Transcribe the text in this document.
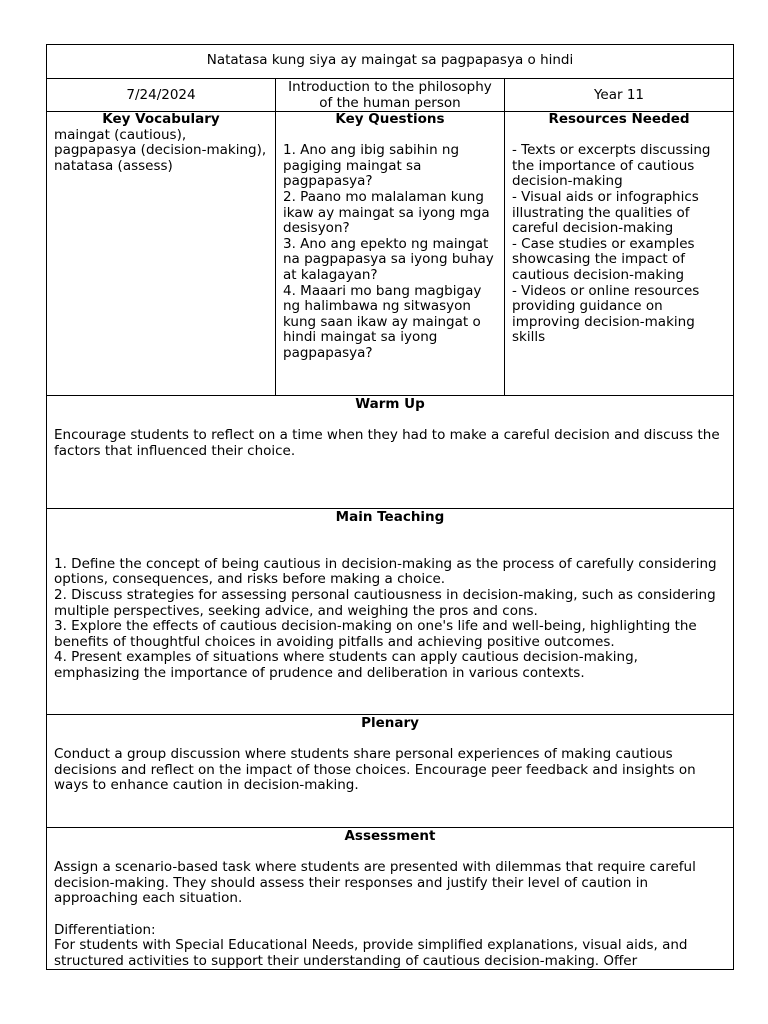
Natatasa kung siya ay maingat sa pagpapasya o hindi
7/24/2024	Introduction to the philosophy of the human person	Year 11
Key Vocabulary
maingat (cautious), pagpapasya (decision-making), natatasa (assess)
Key Questions

1. Ano ang ibig sabihin ng pagiging maingat sa pagpapasya?
2. Paano mo malalaman kung ikaw ay maingat sa iyong mga desisyon?
3. Ano ang epekto ng maingat na pagpapasya sa iyong buhay at kalagayan?
4. Maaari mo bang magbigay ng halimbawa ng sitwasyon kung saan ikaw ay maingat o hindi maingat sa iyong pagpapasya?
Resources Needed

- Texts or excerpts discussing the importance of cautious decision-making
- Visual aids or infographics illustrating the qualities of careful decision-making
- Case studies or examples showcasing the impact of cautious decision-making
- Videos or online resources providing guidance on improving decision-making skills
Warm Up

Encourage students to reflect on a time when they had to make a careful decision and discuss the factors that influenced their choice.
Main Teaching

1. Define the concept of being cautious in decision-making as the process of carefully considering options, consequences, and risks before making a choice.
2. Discuss strategies for assessing personal cautiousness in decision-making, such as considering multiple perspectives, seeking advice, and weighing the pros and cons.
3. Explore the effects of cautious decision-making on one's life and well-being, highlighting the benefits of thoughtful choices in avoiding pitfalls and achieving positive outcomes.
4. Present examples of situations where students can apply cautious decision-making, emphasizing the importance of prudence and deliberation in various contexts.
Plenary

Conduct a group discussion where students share personal experiences of making cautious decisions and reflect on the impact of those choices. Encourage peer feedback and insights on ways to enhance caution in decision-making.
Assessment

Assign a scenario-based task where students are presented with dilemmas that require careful decision-making. They should assess their responses and justify their level of caution in approaching each situation.

Differentiation:
For students with Special Educational Needs, provide simplified explanations, visual aids, and structured activities to support their understanding of cautious decision-making. Offer
